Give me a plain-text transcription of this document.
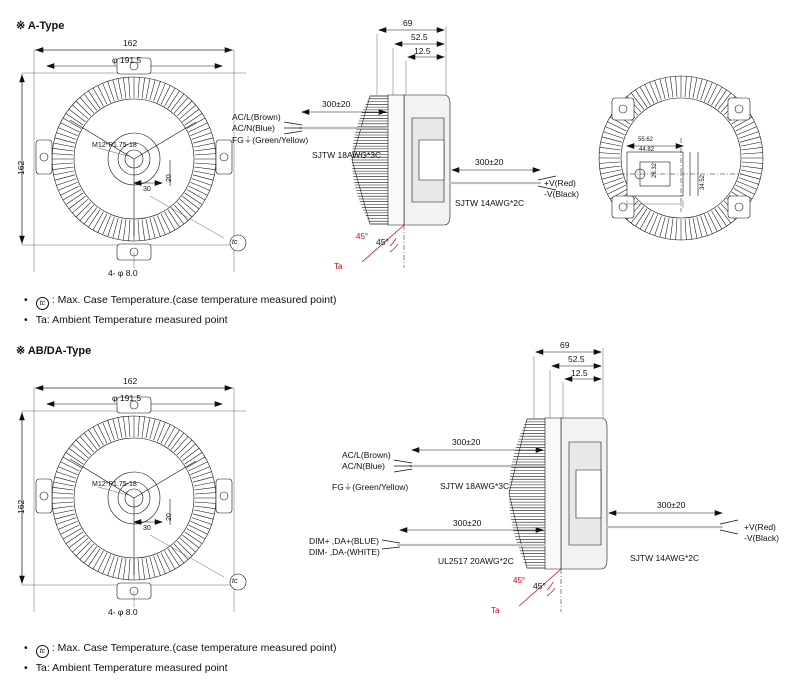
※ A-Type
162
162
φ 191.5
M12*P1.75-18
30
20
tc
4- φ 8.0
69
52.5
12.5
AC/L(Brown)
AC/N(Blue)
FG⏚(Green/Yellow)
300±20
SJTW 18AWG*3C
300±20
SJTW 14AWG*2C
+V(Red)
-V(Black)
45°
45°
Ta
55.62
44.82
28.32
34.52
• tc : Max. Case Temperature.(case temperature measured point)
• Ta: Ambient Temperature measured point
※ AB/DA-Type
162
162
φ 191.5
M12*P1.75-18
30
20
tc
4- φ 8.0
69
52.5
12.5
AC/L(Brown)
AC/N(Blue)
FG⏚(Green/Yellow)
300±20
SJTW 18AWG*3C
DIM+ ,DA+(BLUE)
DIM- ,DA-(WHITE)
300±20
UL2517 20AWG*2C
300±20
SJTW 14AWG*2C
+V(Red)
-V(Black)
45°
45°
Ta
• tc : Max. Case Temperature.(case temperature measured point)
• Ta: Ambient Temperature measured point
